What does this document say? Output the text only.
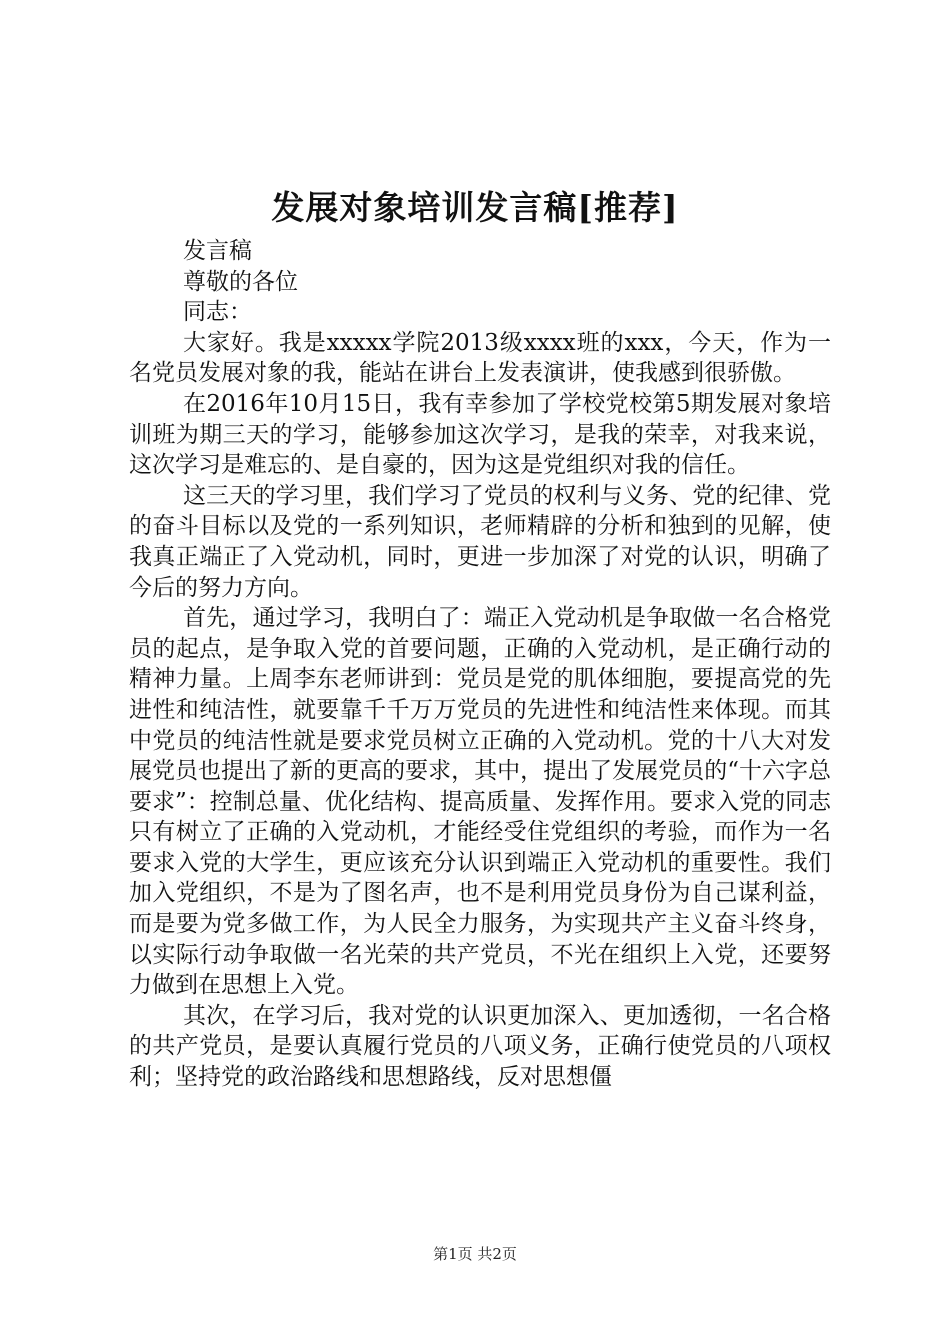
发展对象培训发言稿[推荐]
发言稿
尊敬的各位
同志：
大家好。我是xxxxx学院2013级xxxx班的xxx，今天，作为一名党员发展对象的我，能站在讲台上发表演讲，使我感到很骄傲。
在2016年10月15日，我有幸参加了学校党校第5期发展对象培训班为期三天的学习，能够参加这次学习，是我的荣幸，对我来说，这次学习是难忘的、是自豪的，因为这是党组织对我的信任。
这三天的学习里，我们学习了党员的权利与义务、党的纪律、党的奋斗目标以及党的一系列知识，老师精辟的分析和独到的见解，使我真正端正了入党动机，同时，更进一步加深了对党的认识，明确了今后的努力方向。
首先，通过学习，我明白了：端正入党动机是争取做一名合格党员的起点，是争取入党的首要问题，正确的入党动机，是正确行动的精神力量。上周李东老师讲到：党员是党的肌体细胞，要提高党的先进性和纯洁性，就要靠千千万万党员的先进性和纯洁性来体现。而其中党员的纯洁性就是要求党员树立正确的入党动机。党的十八大对发展党员也提出了新的更高的要求，其中，提出了发展党员的“十六字总要求”：控制总量、优化结构、提高质量、发挥作用。要求入党的同志只有树立了正确的入党动机，才能经受住党组织的考验，而作为一名要求入党的大学生，更应该充分认识到端正入党动机的重要性。我们加入党组织，不是为了图名声，也不是利用党员身份为自己谋利益，而是要为党多做工作，为人民全力服务，为实现共产主义奋斗终身，以实际行动争取做一名光荣的共产党员，不光在组织上入党，还要努力做到在思想上入党。
其次，在学习后，我对党的认识更加深入、更加透彻，一名合格的共产党员，是要认真履行党员的八项义务，正确行使党员的八项权利；坚持党的政治路线和思想路线，反对思想僵
第1页 共2页
